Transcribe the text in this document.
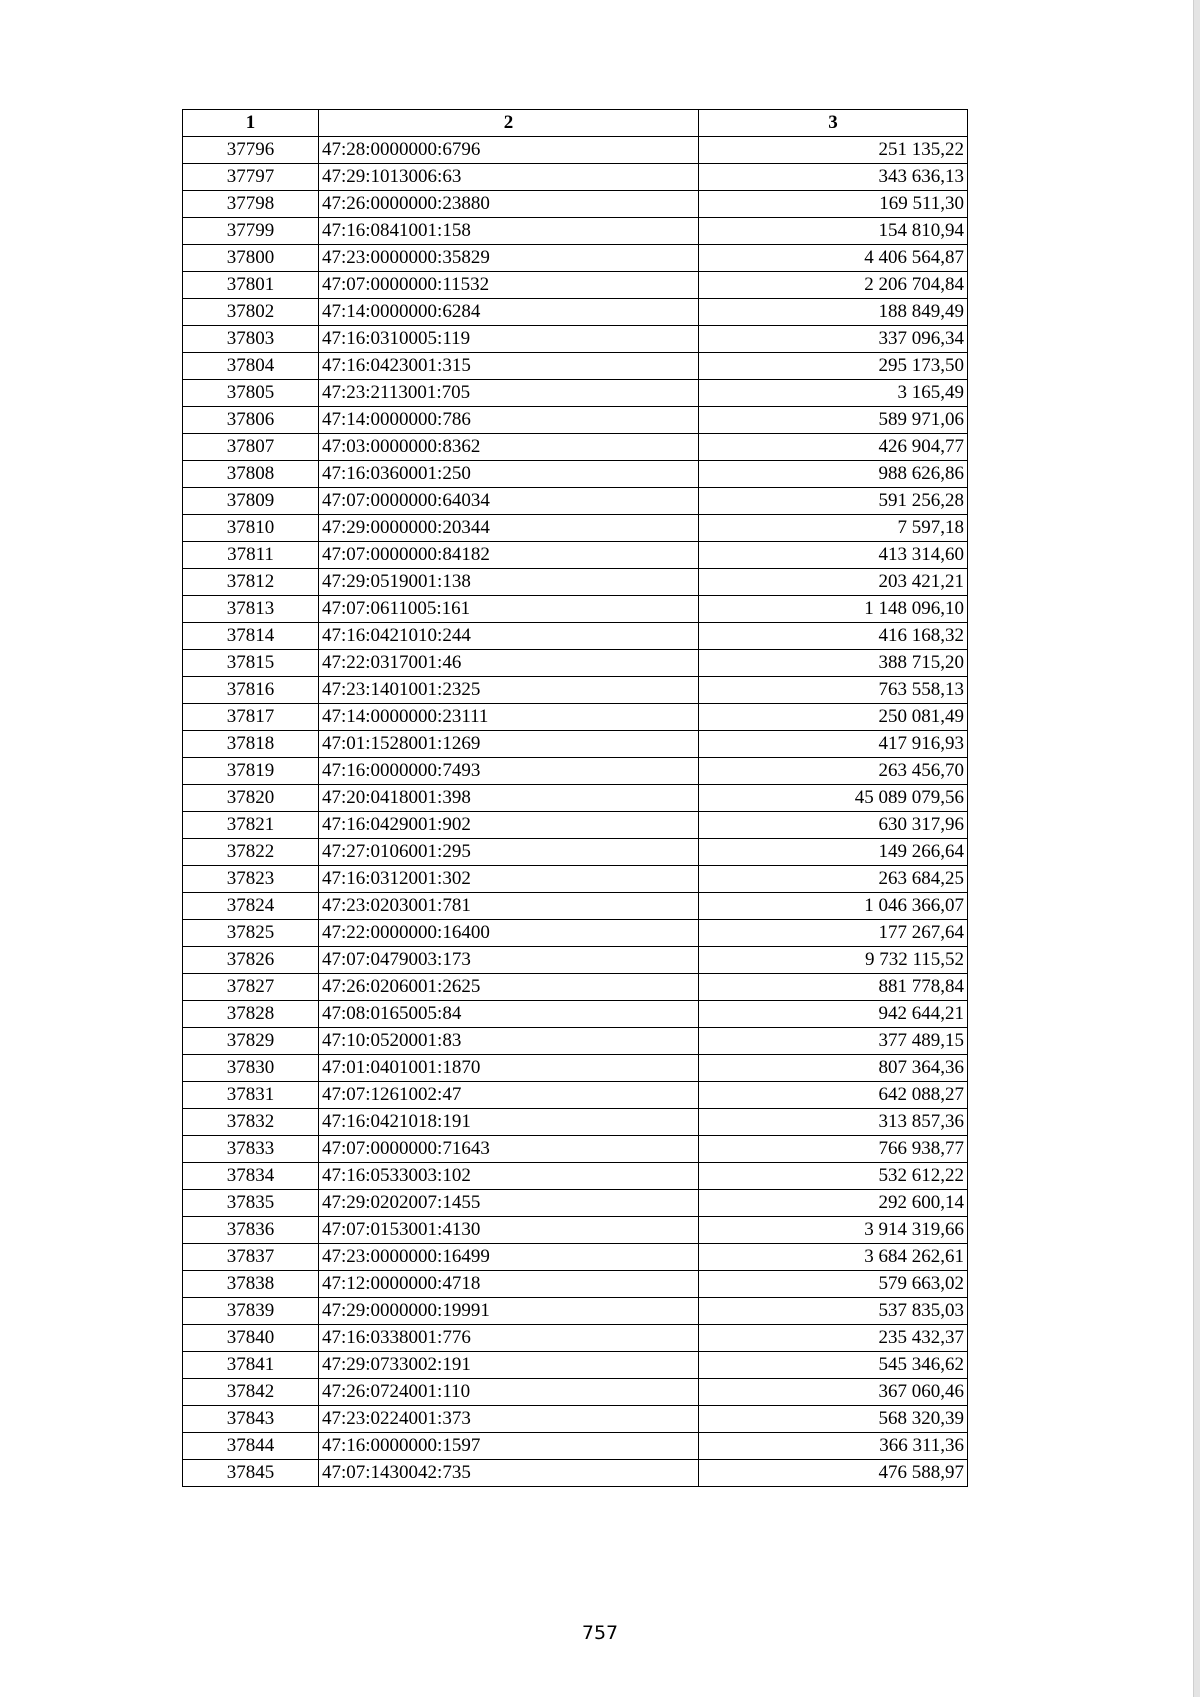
1	2	3
37796	47:28:0000000:6796	251 135,22
37797	47:29:1013006:63	343 636,13
37798	47:26:0000000:23880	169 511,30
37799	47:16:0841001:158	154 810,94
37800	47:23:0000000:35829	4 406 564,87
37801	47:07:0000000:11532	2 206 704,84
37802	47:14:0000000:6284	188 849,49
37803	47:16:0310005:119	337 096,34
37804	47:16:0423001:315	295 173,50
37805	47:23:2113001:705	3 165,49
37806	47:14:0000000:786	589 971,06
37807	47:03:0000000:8362	426 904,77
37808	47:16:0360001:250	988 626,86
37809	47:07:0000000:64034	591 256,28
37810	47:29:0000000:20344	7 597,18
37811	47:07:0000000:84182	413 314,60
37812	47:29:0519001:138	203 421,21
37813	47:07:0611005:161	1 148 096,10
37814	47:16:0421010:244	416 168,32
37815	47:22:0317001:46	388 715,20
37816	47:23:1401001:2325	763 558,13
37817	47:14:0000000:23111	250 081,49
37818	47:01:1528001:1269	417 916,93
37819	47:16:0000000:7493	263 456,70
37820	47:20:0418001:398	45 089 079,56
37821	47:16:0429001:902	630 317,96
37822	47:27:0106001:295	149 266,64
37823	47:16:0312001:302	263 684,25
37824	47:23:0203001:781	1 046 366,07
37825	47:22:0000000:16400	177 267,64
37826	47:07:0479003:173	9 732 115,52
37827	47:26:0206001:2625	881 778,84
37828	47:08:0165005:84	942 644,21
37829	47:10:0520001:83	377 489,15
37830	47:01:0401001:1870	807 364,36
37831	47:07:1261002:47	642 088,27
37832	47:16:0421018:191	313 857,36
37833	47:07:0000000:71643	766 938,77
37834	47:16:0533003:102	532 612,22
37835	47:29:0202007:1455	292 600,14
37836	47:07:0153001:4130	3 914 319,66
37837	47:23:0000000:16499	3 684 262,61
37838	47:12:0000000:4718	579 663,02
37839	47:29:0000000:19991	537 835,03
37840	47:16:0338001:776	235 432,37
37841	47:29:0733002:191	545 346,62
37842	47:26:0724001:110	367 060,46
37843	47:23:0224001:373	568 320,39
37844	47:16:0000000:1597	366 311,36
37845	47:07:1430042:735	476 588,97
757
